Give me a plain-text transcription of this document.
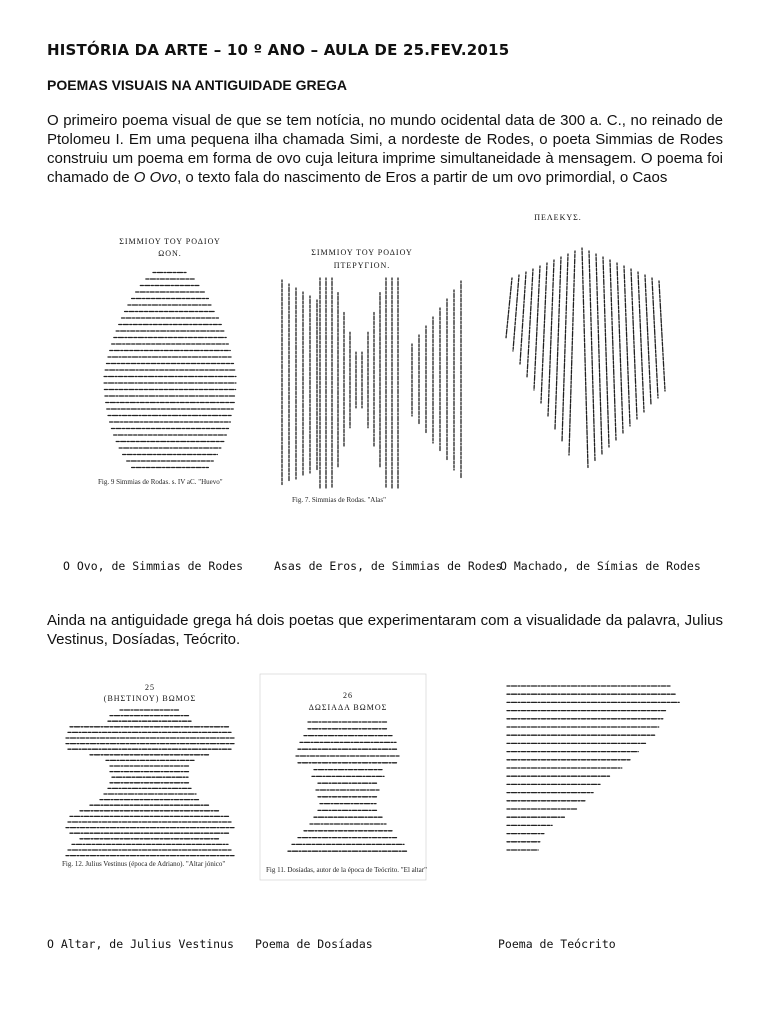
HISTÓRIA DA ARTE – 10 º ANO – AULA DE 25.FEV.2015
POEMAS VISUAIS NA ANTIGUIDADE GREGA

O primeiro poema visual de que se tem notícia, no mundo ocidental data de 300 a. C., no reinado de Ptolomeu I. Em uma pequena ilha chamada Simi, a nordeste de Rodes, o poeta Simmias de Rodes construiu um poema em forma de ovo cuja leitura imprime simultaneidade à mensagem. O poema foi chamado de O Ovo, o texto fala do nascimento de Eros a partir de um ovo primordial, o Caos

ΣΙΜΜΙΟΥ ΤΟΥ ΡΟΔΙΟΥ
ΩΟΝ.
Fig. 9 Simmias de Rodas. s. IV aC. "Huevo"
ΣΙΜΜΙΟΥ ΤΟΥ ΡΟΔΙΟΥ
ΠΤΕΡΥΓΙΟΝ.
Fig. 7. Simmias de Rodas. "Alas"
ΠΕΛΕΚΥΣ.
O Ovo, de Simmias de Rodes	Asas de Eros, de Simmias de Rodes
O Machado, de Símias de Rodes

Ainda na antiguidade grega há dois poetas que experimentaram com a visualidade da palavra, Julius Vestinus, Dosíadas, Teócrito.

25
(ΒΗΣΤΙΝΟΥ) ΒΩΜΟΣ
Fig. 12. Julius Vestinus (época de Adriano). "Altar jónico"
26
ΔΩΣΙΑΔΑ ΒΩΜΟΣ
Fig 11. Dosíadas, autor de la época de Teócrito. "El altar"
O Altar, de Julius Vestinus Poema de Dosíadas	Poema de Teócrito
